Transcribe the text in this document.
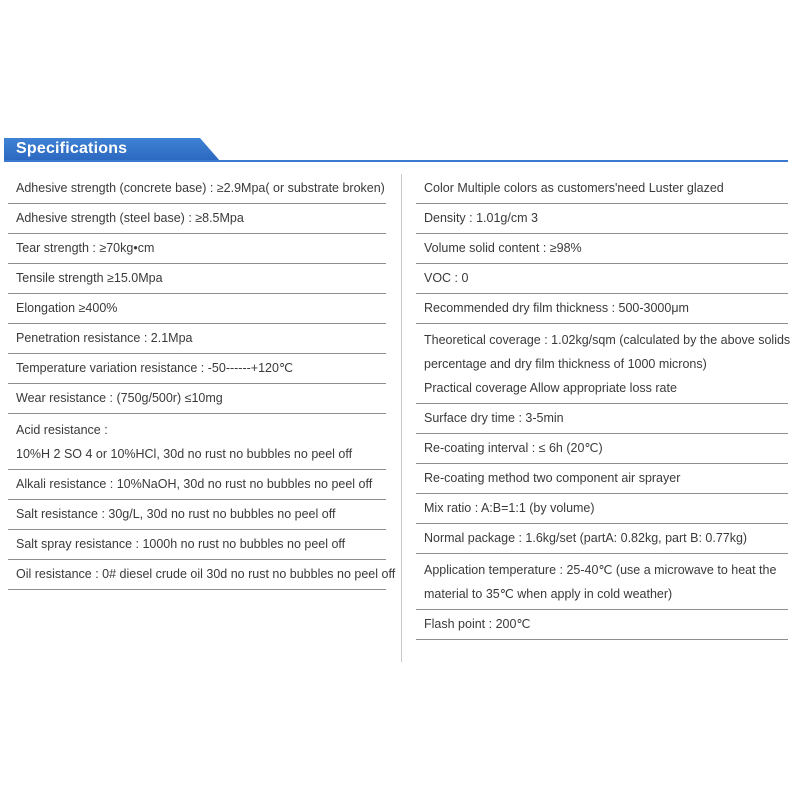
Specifications
Adhesive strength (concrete base) : ≥2.9Mpa( or substrate broken)
Adhesive strength (steel base) : ≥8.5Mpa
Tear strength : ≥70kg•cm
Tensile strength ≥15.0Mpa
Elongation ≥400%
Penetration resistance : 2.1Mpa
Temperature variation resistance : -50------+120℃
Wear resistance : (750g/500r) ≤10mg
Acid resistance :
10%H 2 SO 4 or 10%HCl, 30d no rust no bubbles no peel off
Alkali resistance : 10%NaOH, 30d no rust no bubbles no peel off
Salt resistance : 30g/L, 30d no rust no bubbles no peel off
Salt spray resistance : 1000h no rust no bubbles no peel off
Oil resistance : 0# diesel crude oil 30d no rust no bubbles no peel off
Color Multiple colors as customers'need Luster glazed
Density : 1.01g/cm 3
Volume solid content : ≥98%
VOC : 0
Recommended dry film thickness : 500-3000μm
Theoretical coverage : 1.02kg/sqm (calculated by the above solids
percentage and dry film thickness of 1000 microns)
Practical coverage Allow appropriate loss rate
Surface dry time : 3-5min
Re-coating interval : ≤ 6h (20℃)
Re-coating method two component air sprayer
Mix ratio : A:B=1:1 (by volume)
Normal package : 1.6kg/set (partA: 0.82kg, part B: 0.77kg)
Application temperature : 25-40℃ (use a microwave to heat the
material to 35℃ when apply in cold weather)
Flash point : 200℃
